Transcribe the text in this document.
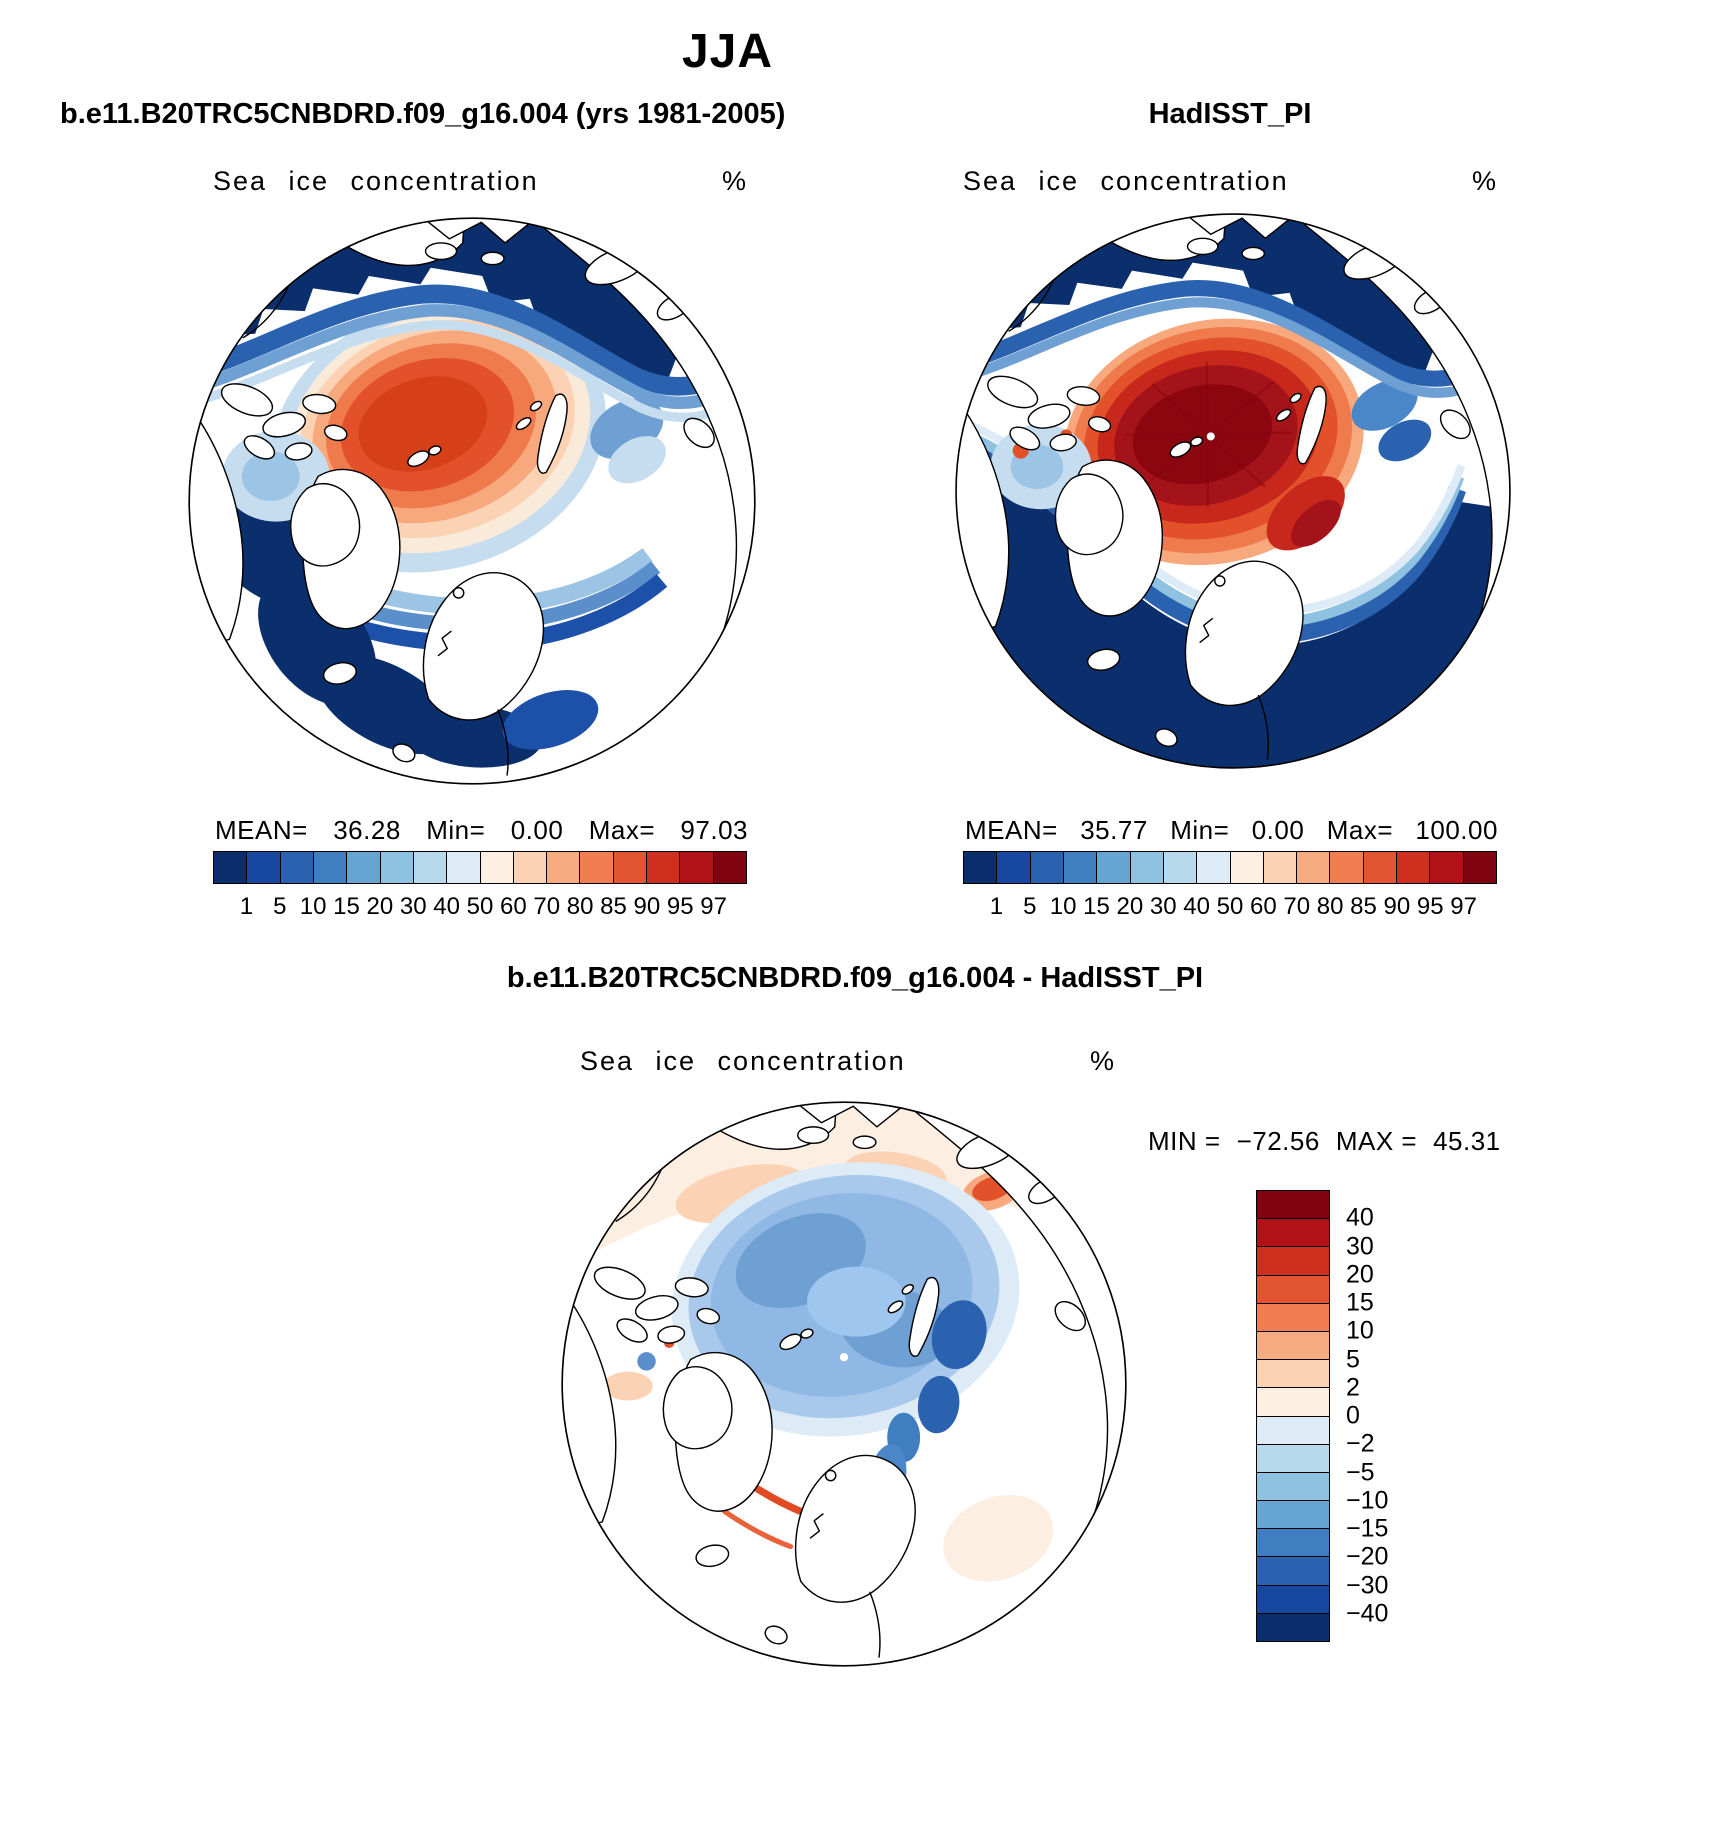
JJA
b.e11.B20TRC5CNBDRD.f09_g16.004 (yrs 1981-2005)	HadISST_PI
Sea ice concentration	%	Sea ice concentration	%
MEAN= 36.28 Min= 0.00 Max= 97.03
1 5 10 15 20 30 40 50 60 70 80 85 90 95 97
MEAN= 35.77 Min= 0.00 Max= 100.00
1 5 10 15 20 30 40 50 60 70 80 85 90 95 97
b.e11.B20TRC5CNBDRD.f09_g16.004 - HadISST_PI
Sea ice concentration	%
MIN = −72.56 MAX = 45.31
40
30
20
15
10
5
2
0
−2
−5
−10
−15
−20
−30
−40
